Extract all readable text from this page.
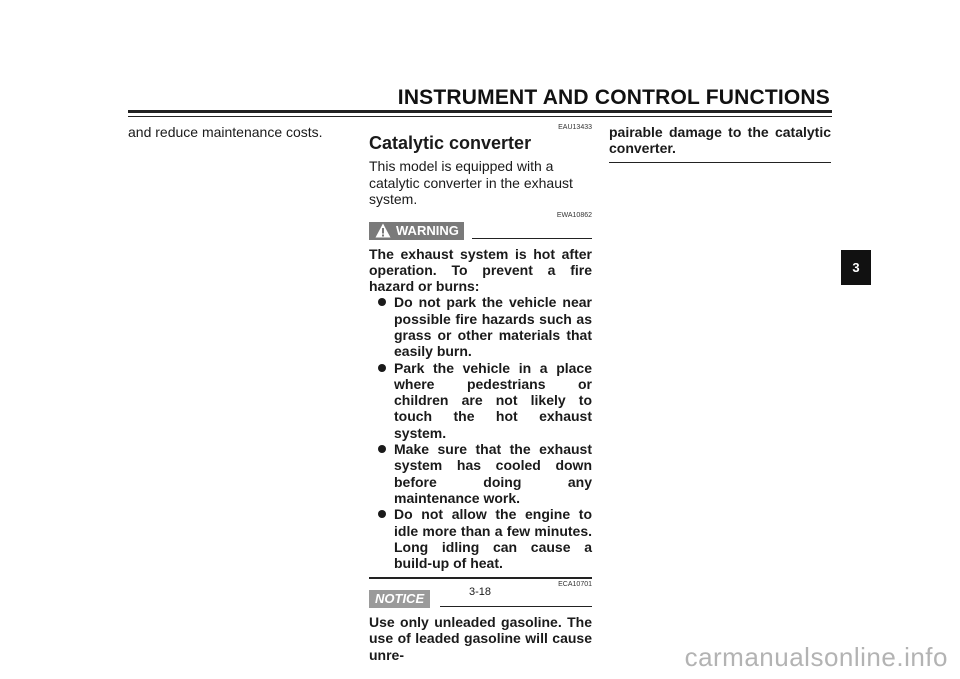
INSTRUMENT AND CONTROL FUNCTIONS

and reduce maintenance costs.	EAU13433

Catalytic converter

This model is equipped with a catalytic converter in the exhaust system.

EWA10862

WARNING

The exhaust system is hot after operation. To prevent a fire hazard or burns:

Do not park the vehicle near possible fire hazards such as grass or other materials that easily burn.
Park the vehicle in a place where pedestrians or children are not likely to touch the hot exhaust system.
Make sure that the exhaust system has cooled down before doing any maintenance work.
Do not allow the engine to idle more than a few minutes. Long idling can cause a build-up of heat.

ECA10701

NOTICE

Use only unleaded gasoline. The use of leaded gasoline will cause unre-

pairable damage to the catalytic converter.

3-18
3
carmanualsonline.info
